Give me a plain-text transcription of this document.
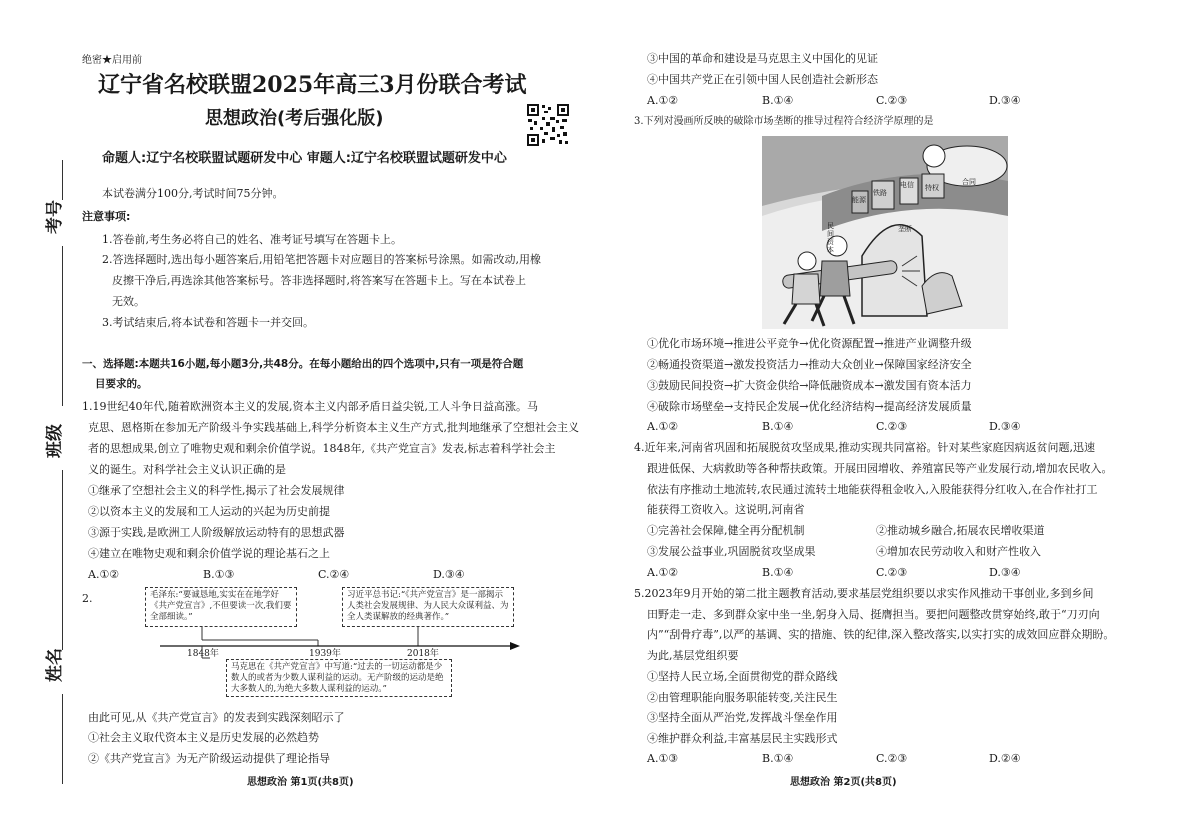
考号
班级
姓名
绝密★启用前
辽宁省名校联盟2025年高三3月份联合考试
思想政治(考后强化版)
命题人:辽宁名校联盟试题研发中心 审题人:辽宁名校联盟试题研发中心
本试卷满分100分,考试时间75分钟。
注意事项:
1.答卷前,考生务必将自己的姓名、准考证号填写在答题卡上。
2.答选择题时,选出每小题答案后,用铅笔把答题卡对应题目的答案标号涂黑。如需改动,用橡
皮擦干净后,再选涂其他答案标号。答非选择题时,将答案写在答题卡上。写在本试卷上
无效。
3.考试结束后,将本试卷和答题卡一并交回。
一、选择题:本题共16小题,每小题3分,共48分。在每小题给出的四个选项中,只有一项是符合题
目要求的。
1.19世纪40年代,随着欧洲资本主义的发展,资本主义内部矛盾日益尖锐,工人斗争日益高涨。马
克思、恩格斯在参加无产阶级斗争实践基础上,科学分析资本主义生产方式,批判地继承了空想社会主义
者的思想成果,创立了唯物史观和剩余价值学说。1848年,《共产党宣言》发表,标志着科学社会主
义的诞生。对科学社会主义认识正确的是
①继承了空想社会主义的科学性,揭示了社会发展规律
②以资本主义的发展和工人运动的兴起为历史前提
③源于实践,是欧洲工人阶级解放运动特有的思想武器
④建立在唯物史观和剩余价值学说的理论基石之上
A.①②	B.①③	C.②④	D.③④
2.	毛泽东:“要诚恳地,实实在在地学好《共产党宣言》,不但要读一次,我们要全部细读。”
习近平总书记:“《共产党宣言》是一部揭示人类社会发展规律、为人民大众谋利益、为全人类谋解放的经典著作。”
1848年	1939年	2018年
马克思在《共产党宣言》中写道:“过去的一切运动都是少数人的或者为少数人谋利益的运动。无产阶级的运动是绝大多数人的,为绝大多数人谋利益的运动。”
由此可见,从《共产党宣言》的发表到实践深刻昭示了
①社会主义取代资本主义是历史发展的必然趋势
②《共产党宣言》为无产阶级运动提供了理论指导
思想政治 第1页(共8页)
③中国的革命和建设是马克思主义中国化的见证
④中国共产党正在引领中国人民创造社会新形态
A.①②	B.①④	C.②③	D.③④
3.下列对漫画所反映的破除市场垄断的推导过程符合经济学原理的是
民间资本
垄断
合同
特权
铁路
电信
能源
①优化市场环境→推进公平竞争→优化资源配置→推进产业调整升级
②畅通投资渠道→激发投资活力→推动大众创业→保障国家经济安全
③鼓励民间投资→扩大资金供给→降低融资成本→激发国有资本活力
④破除市场壁垒→支持民企发展→优化经济结构→提高经济发展质量
A.①②	B.①④	C.②③	D.③④
4.近年来,河南省巩固和拓展脱贫攻坚成果,推动实现共同富裕。针对某些家庭因病返贫问题,迅速
跟进低保、大病救助等各种帮扶政策。开展田园增收、养殖富民等产业发展行动,增加农民收入。
依法有序推动土地流转,农民通过流转土地能获得租金收入,入股能获得分红收入,在合作社打工
能获得工资收入。这说明,河南省
①完善社会保障,健全再分配机制	②推动城乡融合,拓展农民增收渠道
③发展公益事业,巩固脱贫攻坚成果	④增加农民劳动收入和财产性收入
A.①②	B.①④	C.②③	D.③④
5.2023年9月开始的第二批主题教育活动,要求基层党组织要以求实作风推动干事创业,多到乡间
田野走一走、多到群众家中坐一坐,躬身入局、挺膺担当。要把问题整改贯穿始终,敢于“刀刃向
内”“刮骨疗毒”,以严的基调、实的措施、铁的纪律,深入整改落实,以实打实的成效回应群众期盼。
为此,基层党组织要
①坚持人民立场,全面贯彻党的群众路线
②由管理职能向服务职能转变,关注民生
③坚持全面从严治党,发挥战斗堡垒作用
④维护群众利益,丰富基层民主实践形式
A.①③	B.①④	C.②③	D.②④
思想政治 第2页(共8页)
